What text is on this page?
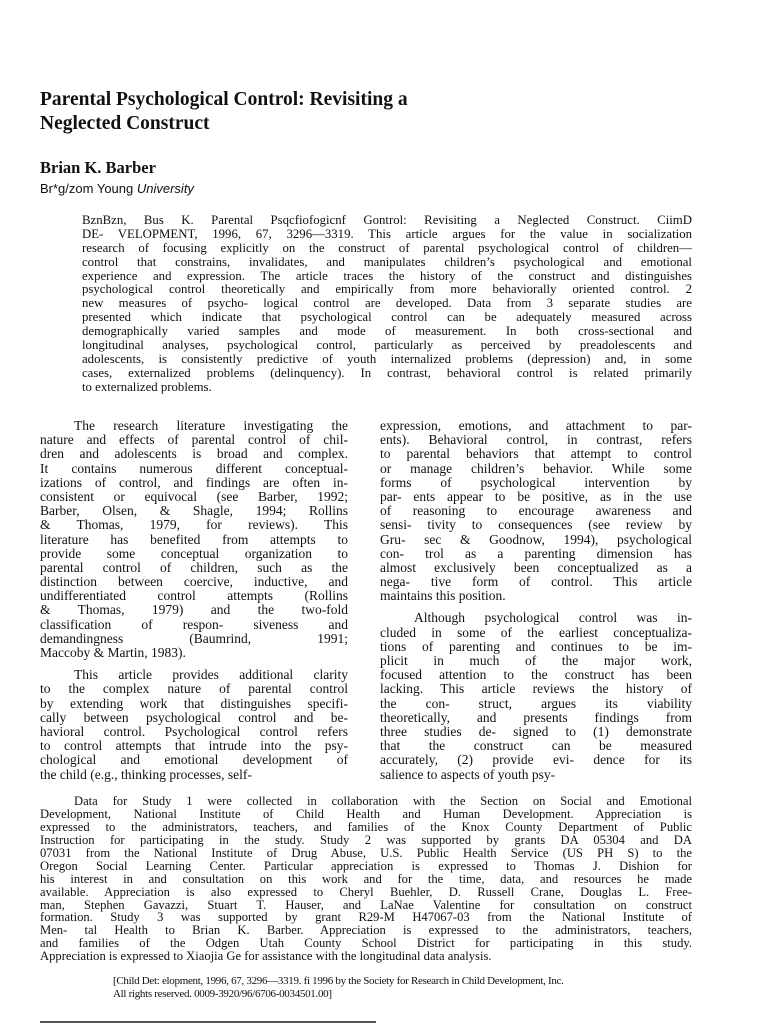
Parental Psychological Control: Revisiting a
Neglected Construct
Brian K. Barber
Br*g/zom Young University
BznBzn, Bus K. Parental Psqcfiofogicnf Gontrol: Revisiting a Neglected Construct. CiimD
DE- VELOPMENT, 1996, 67, 3296—3319. This article argues for the value in socialization
research of focusing explicitly on the construct of parental psychological control of children—
control that constrains, invalidates, and manipulates children’s psychological and emotional
experience and expression. The article traces the history of the construct and distinguishes
psychological control theoretically and empirically from more behaviorally oriented control. 2
new measures of psycho- logical control are developed. Data from 3 separate studies are
presented which indicate that psychological control can be adequately measured across
demographically varied samples and mode of measurement. In both cross-sectional and
longitudinal analyses, psychological control, particularly as perceived by preadolescents and
adolescents, is consistently predictive of youth internalized problems (depression) and, in some
cases, externalized problems (delinquency). In contrast, behavioral control is related primarily
to externalized problems.
The research literature investigating the
nature and effects of parental control of chil-
dren and adolescents is broad and complex.
It contains numerous different conceptual-
izations of control, and findings are often in-
consistent or equivocal (see Barber, 1992;
Barber, Olsen, & Shagle, 1994; Rollins
& Thomas, 1979, for reviews). This
literature has benefited from attempts to
provide some conceptual organization to
parental control of children, such as the
distinction between coercive, inductive, and
undifferentiated control attempts (Rollins
& Thomas, 1979) and the two-fold
classification of respon- siveness and
demandingness (Baumrind, 1991;
Maccoby & Martin, 1983).
This article provides additional clarity
to the complex nature of parental control
by extending work that distinguishes specifi-
cally between psychological control and be-
havioral control. Psychological control refers
to control attempts that intrude into the psy-
chological and emotional development of
the child (e.g., thinking processes, self-
expression, emotions, and attachment to par-
ents). Behavioral control, in contrast, refers
to parental behaviors that attempt to control
or manage children’s behavior. While some
forms of psychological intervention by
par- ents appear to be positive, as in the use
of reasoning to encourage awareness and
sensi- tivity to consequences (see review by
Gru- sec & Goodnow, 1994), psychological
con- trol as a parenting dimension has
almost exclusively been conceptualized as a
nega- tive form of control. This article
maintains this position.
Although psychological control was in-
cluded in some of the earliest conceptualiza-
tions of parenting and continues to be im-
plicit in much of the major work,
focused attention to the construct has been
lacking. This article reviews the history of
the con- struct, argues its viability
theoretically, and presents findings from
three studies de- signed to (1) demonstrate
that the construct can be measured
accurately, (2) provide evi- dence for its
salience to aspects of youth psy-
Data for Study 1 were collected in collaboration with the Section on Social and Emotional
Development, National Institute of Child Health and Human Development. Appreciation is
expressed to the administrators, teachers, and families of the Knox County Department of Public
Instruction for participating in the study. Study 2 was supported by grants DA 05304 and DA
07031 from the National Institute of Drug Abuse, U.S. Public Health Service (US PH S) to the
Oregon Social Learning Center. Particular appreciation is expressed to Thomas J. Dishion for
his interest in and consultation on this work and for the time, data, and resources he made
available. Appreciation is also expressed to Cheryl Buehler, D. Russell Crane, Douglas L. Free-
man, Stephen Gavazzi, Stuart T. Hauser, and LaNae Valentine for consultation on construct
formation. Study 3 was supported by grant R29-M H47067-03 from the National Institute of
Men- tal Health to Brian K. Barber. Appreciation is expressed to the administrators, teachers,
and families of the Odgen Utah County School District for participating in this study.
Appreciation is expressed to Xiaojia Ge for assistance with the longitudinal data analysis.
[Child Det: elopment, 1996, 67, 3296—3319. fi 1996 by the Society for Research in Child Development, Inc.
All rights reserved. 0009-3920/96/6706-0034501.00]
